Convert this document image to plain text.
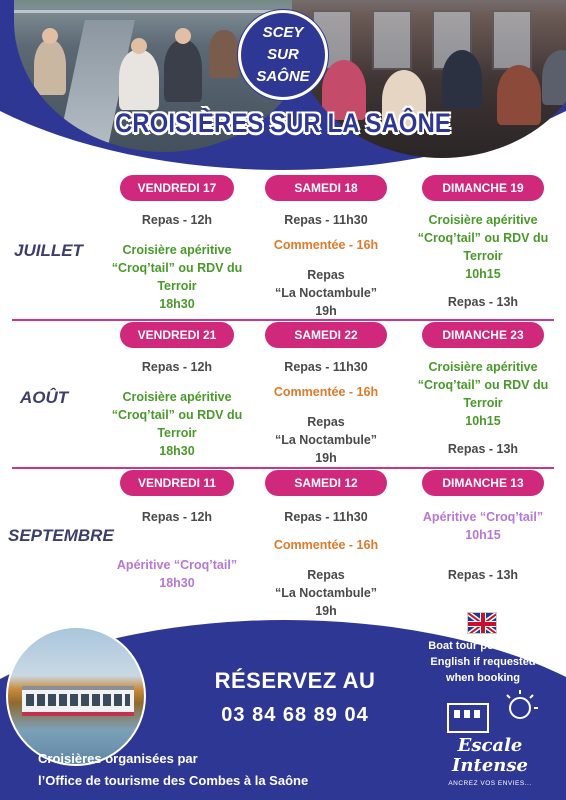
SCEY
SUR
SAÔNE
CROISIÈRES SUR LA SAÔNE
PROGRAMME 2026
JUILLET
VENDREDI 17
Repas - 12h
Croisière apéritive
“Croq’tail” ou RDV du
Terroir
18h30
SAMEDI 18
Repas - 11h30
Commentée - 16h
Repas
“La Noctambule”
19h
DIMANCHE 19
Croisière apéritive
“Croq’tail” ou RDV du
Terroir
10h15
Repas - 13h
AOÛT
VENDREDI 21
Repas - 12h
Croisière apéritive
“Croq’tail” ou RDV du
Terroir
18h30
SAMEDI 22
Repas - 11h30
Commentée - 16h
Repas
“La Noctambule”
19h
DIMANCHE 23
Croisière apéritive
“Croq’tail” ou RDV du
Terroir
10h15
Repas - 13h
SEPTEMBRE
VENDREDI 11
Repas - 12h
Apéritive “Croq’tail”
18h30
SAMEDI 12
Repas - 11h30
Commentée - 16h
Repas
“La Noctambule”
19h
DIMANCHE 13
Apéritive “Croq’tail”
10h15
Repas - 13h
RÉSERVEZ AU
03 84 68 89 04
Croisières organisées par
l’Office de tourisme des Combes à la Saône
Boat tour possible in
English if requested
when booking
Escale
Intense
ANCREZ VOS ENVIES...
